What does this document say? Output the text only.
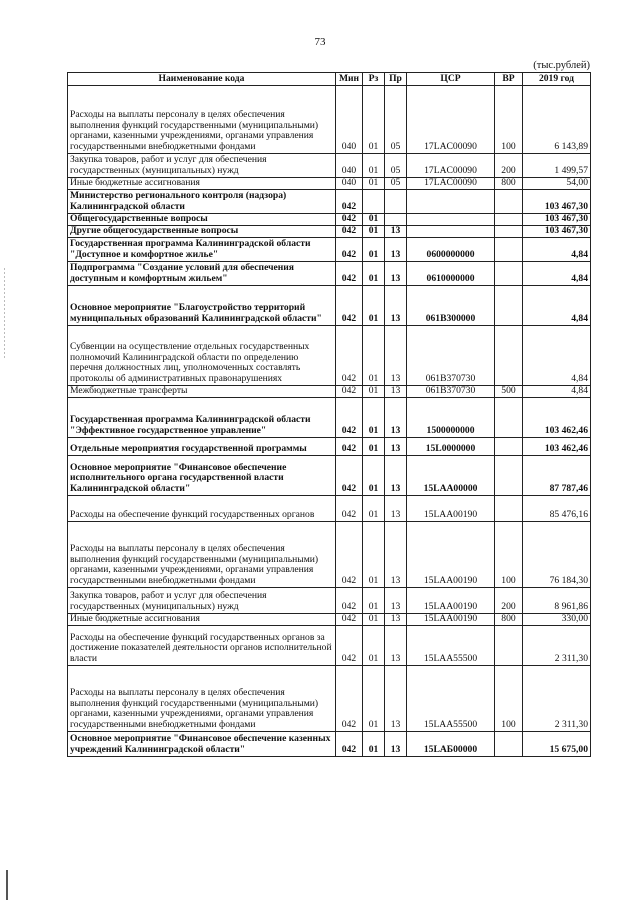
73
(тыс.рублей)
Наименование кода	Мин	Рз	Пр	ЦСР	ВР	2019 год
Расходы на выплаты персоналу в целях обеспечения выполнения функций государственными (муниципальными) органами, казенными учреждениями, органами управления государственными внебюджетными фондами	040	01	05	17LAC00090	100	6 143,89
Закупка товаров, работ и услуг для обеспечения государственных (муниципальных) нужд	040	01	05	17LAC00090	200	1 499,57
Иные бюджетные ассигнования	040	01	05	17LAC00090	800	54,00
Министерство регионального контроля (надзора) Калининградской области	042					103 467,30
Общегосударственные вопросы	042	01				103 467,30
Другие общегосударственные вопросы	042	01	13			103 467,30
Государственная программа Калининградской области "Доступное и комфортное жилье"	042	01	13	0600000000		4,84
Подпрограмма "Создание условий для обеспечения доступным и комфортным жильем"	042	01	13	0610000000		4,84
Основное мероприятие "Благоустройство территорий муниципальных образований Калининградской области"	042	01	13	061B300000		4,84
Субвенции на осуществление отдельных государственных полномочий Калининградской области по определению перечня должностных лиц, уполномоченных составлять протоколы об административных правонарушениях	042	01	13	061B370730		4,84
Межбюджетные трансферты	042	01	13	061B370730	500	4,84
Государственная программа Калининградской области "Эффективное государственное управление"	042	01	13	1500000000		103 462,46
Отдельные мероприятия государственной программы	042	01	13	15L0000000		103 462,46
Основное мероприятие "Финансовое обеспечение исполнительного органа государственной власти Калининградской области"	042	01	13	15LAA00000		87 787,46
Расходы на обеспечение функций государственных органов	042	01	13	15LAA00190		85 476,16
Расходы на выплаты персоналу в целях обеспечения выполнения функций государственными (муниципальными) органами, казенными учреждениями, органами управления государственными внебюджетными фондами	042	01	13	15LAA00190	100	76 184,30
Закупка товаров, работ и услуг для обеспечения государственных (муниципальных) нужд	042	01	13	15LAA00190	200	8 961,86
Иные бюджетные ассигнования	042	01	13	15LAA00190	800	330,00
Расходы на обеспечение функций государственных органов за достижение показателей деятельности органов исполнительной власти	042	01	13	15LAA55500		2 311,30
Расходы на выплаты персоналу в целях обеспечения выполнения функций государственными (муниципальными) органами, казенными учреждениями, органами управления государственными внебюджетными фондами	042	01	13	15LAA55500	100	2 311,30
Основное мероприятие "Финансовое обеспечение казенных учреждений Калининградской области"	042	01	13	15LAБ00000		15 675,00
